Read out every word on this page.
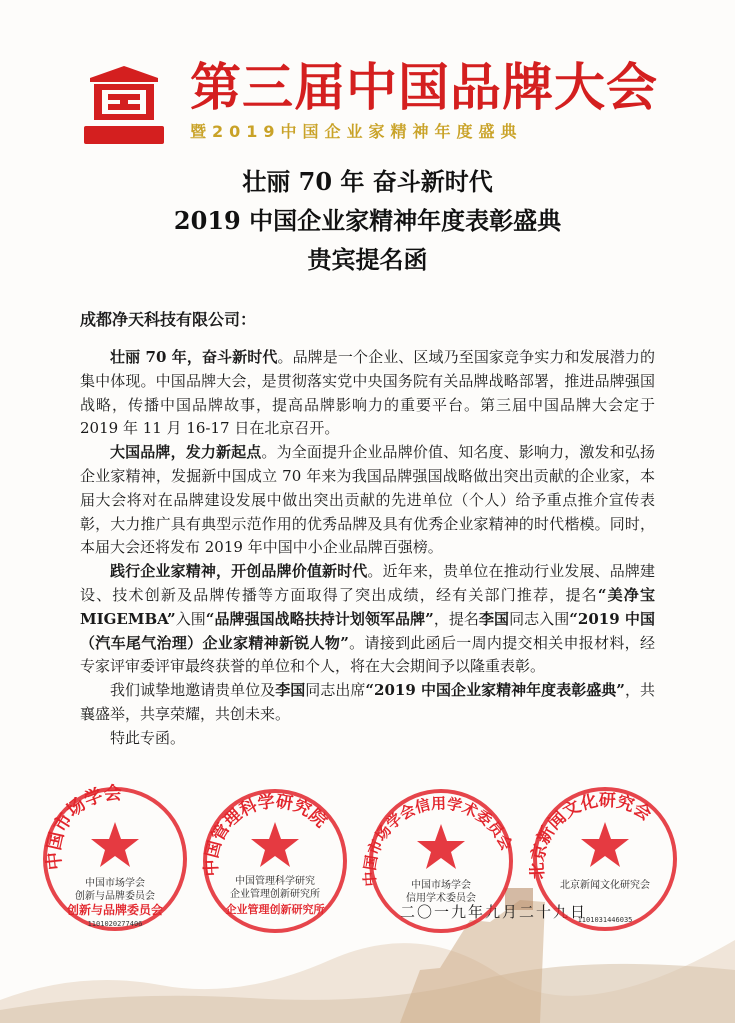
第三届中国品牌大会
暨2019中国企业家精神年度盛典
壮丽 70 年 奋斗新时代
2019 中国企业家精神年度表彰盛典
贵宾提名函
成都净天科技有限公司：

壮丽 70 年，奋斗新时代。品牌是一个企业、区域乃至国家竞争实力和发展潜力的集中体现。中国品牌大会，是贯彻落实党中央国务院有关品牌战略部署，推进品牌强国战略，传播中国品牌故事，提高品牌影响力的重要平台。第三届中国品牌大会定于 2019 年 11 月 16-17 日在北京召开。

大国品牌，发力新起点。为全面提升企业品牌价值、知名度、影响力，激发和弘扬企业家精神，发掘新中国成立 70 年来为我国品牌强国战略做出突出贡献的企业家，本届大会将对在品牌建设发展中做出突出贡献的先进单位（个人）给予重点推介宣传表彰，大力推广具有典型示范作用的优秀品牌及具有优秀企业家精神的时代楷模。同时，本届大会还将发布 2019 年中国中小企业品牌百强榜。

践行企业家精神，开创品牌价值新时代。近年来，贵单位在推动行业发展、品牌建设、技术创新及品牌传播等方面取得了突出成绩，经有关部门推荐，提名“美净宝 MIGEMBA”入围“品牌强国战略扶持计划领军品牌”，提名李国同志入围“2019 中国（汽车尾气治理）企业家精神新锐人物”。请接到此函后一周内提交相关申报材料，经专家评审委评审最终获誉的单位和个人，将在大会期间予以隆重表彰。

我们诚挚地邀请贵单位及李国同志出席“2019 中国企业家精神年度表彰盛典”，共襄盛举，共享荣耀，共创未来。

特此专函。

二〇一九年九月二十九日
中国市场学会
中国市场学会
创新与品牌委员会
创新与品牌委员会
1101020277406
中国管理科学研究院
中国管理科学研究
企业管理创新研究所
企业管理创新研究所
中国市场学会信用学术委员会
中国市场学会
信用学术委员会
北京新闻文化研究会
北京新闻文化研究会
1101031446035
